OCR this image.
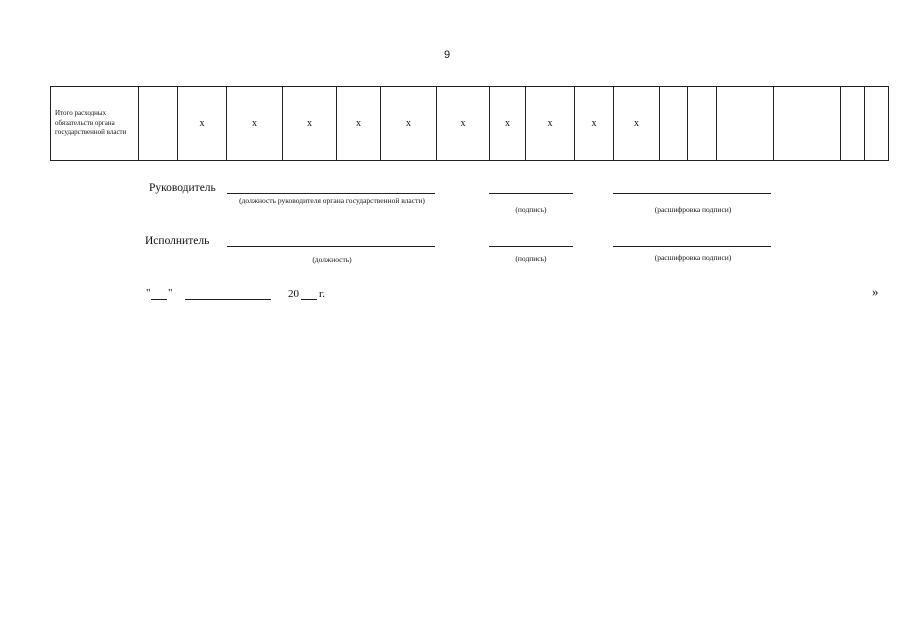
9
Итого расходных обязательств органа государственной власти		х	х	х	х	х	х	х	х	х	х						
Руководитель
(должность руководителя органа государственной власти)
(подпись)	(расшифровка подписи)
Исполнитель
(должность)	(подпись)	(расшифровка подписи)
" "	20 г.	»
